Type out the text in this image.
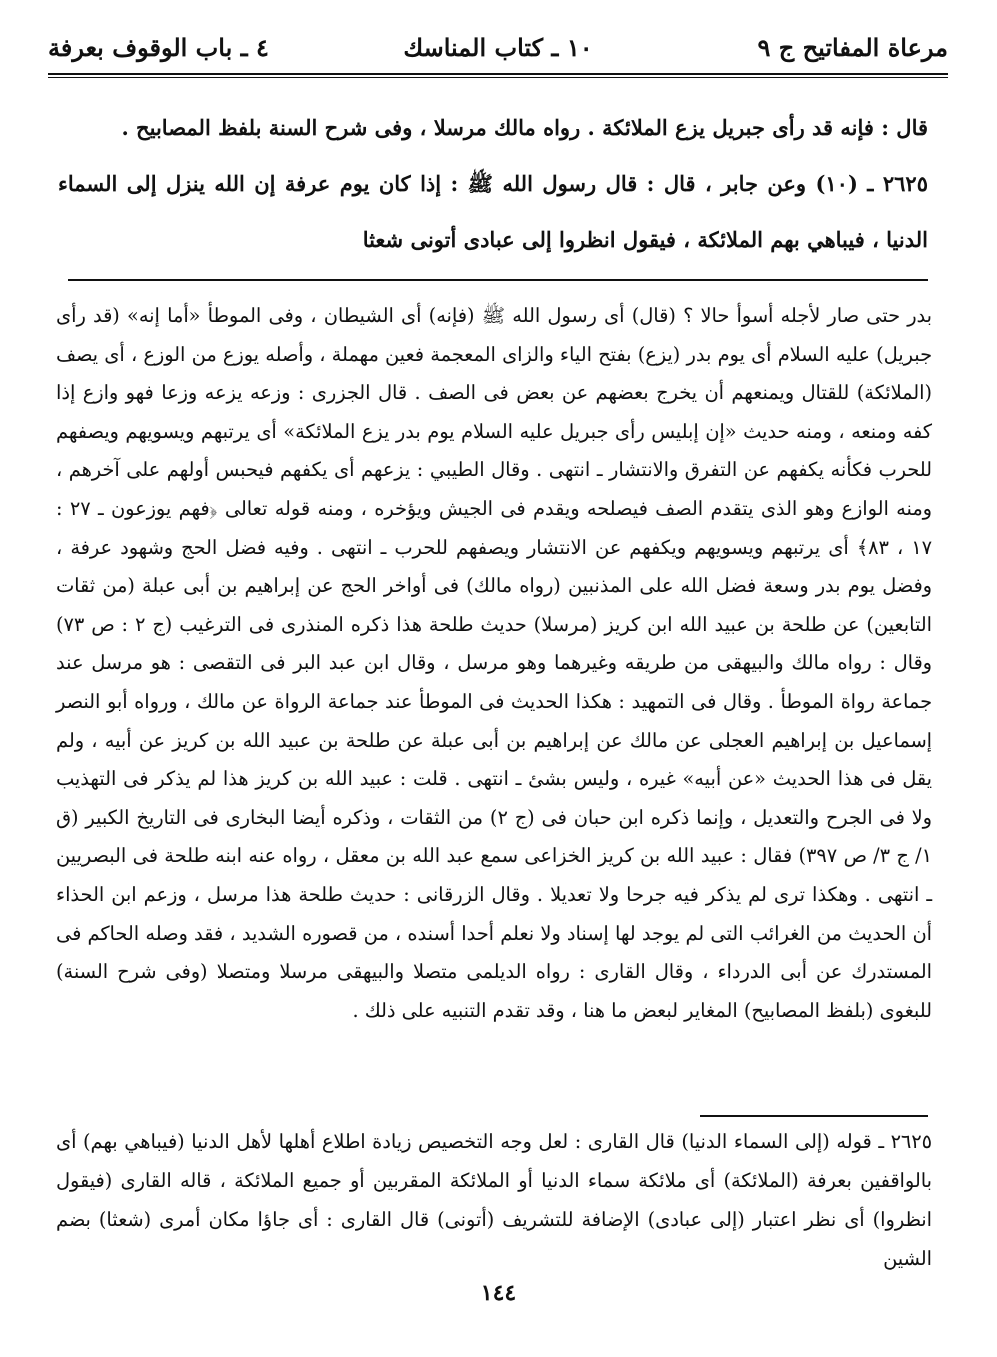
مرعاة المفاتيح ج ٩
١٠ ـ كتاب المناسك
٤ ـ باب الوقوف بعرفة

قال : فإنه قد رأى جبريل يزع الملائكة . رواه مالك مرسلا ، وفى شرح السنة بلفظ المصابيح .

٢٦٢٥ ـ (١٠) وعن جابر ، قال : قال رسول الله ﷺ : إذا كان يوم عرفة إن الله ينزل إلى السماء الدنيا ، فيباهي بهم الملائكة ، فيقول انظروا إلى عبادى أتونى شعثا

بدر حتى صار لأجله أسوأ حالا ؟ (قال) أى رسول الله ﷺ (فإنه) أى الشيطان ، وفى الموطأ «أما إنه» (قد رأى جبريل) عليه السلام أى يوم بدر (يزع) بفتح الياء والزاى المعجمة فعين مهملة ، وأصله يوزع من الوزع ، أى يصف (الملائكة) للقتال ويمنعهم أن يخرج بعضهم عن بعض فى الصف . قال الجزرى : وزعه يزعه وزعا فهو وازع إذا كفه ومنعه ، ومنه حديث «إن إبليس رأى جبريل عليه السلام يوم بدر يزع الملائكة» أى يرتبهم ويسويهم ويصفهم للحرب فكأنه يكفهم عن التفرق والانتشار ـ انتهى . وقال الطيبي : يزعهم أى يكفهم فيحبس أولهم على آخرهم ، ومنه الوازع وهو الذى يتقدم الصف فيصلحه ويقدم فى الجيش ويؤخره ، ومنه قوله تعالى ﴿فهم يوزعون ـ ٢٧ : ١٧ ، ٨٣﴾ أى يرتبهم ويسويهم ويكفهم عن الانتشار ويصفهم للحرب ـ انتهى . وفيه فضل الحج وشهود عرفة ، وفضل يوم بدر وسعة فضل الله على المذنبين (رواه مالك) فى أواخر الحج عن إبراهيم بن أبى عبلة (من ثقات التابعين) عن طلحة بن عبيد الله ابن كريز (مرسلا) حديث طلحة هذا ذكره المنذرى فى الترغيب (ج ٢ : ص ٧٣) وقال : رواه مالك والبيهقى من طريقه وغيرهما وهو مرسل ، وقال ابن عبد البر فى التقصى : هو مرسل عند جماعة رواة الموطأ . وقال فى التمهيد : هكذا الحديث فى الموطأ عند جماعة الرواة عن مالك ، ورواه أبو النصر إسماعيل بن إبراهيم العجلى عن مالك عن إبراهيم بن أبى عبلة عن طلحة بن عبيد الله بن كريز عن أبيه ، ولم يقل فى هذا الحديث «عن أبيه» غيره ، وليس بشئ ـ انتهى . قلت : عبيد الله بن كريز هذا لم يذكر فى التهذيب ولا فى الجرح والتعديل ، وإنما ذكره ابن حبان فى (ج ٢) من الثقات ، وذكره أيضا البخارى فى التاريخ الكبير (ق ١/ ج ٣/ ص ٣٩٧) فقال : عبيد الله بن كريز الخزاعى سمع عبد الله بن معقل ، رواه عنه ابنه طلحة فى البصريين ـ انتهى . وهكذا ترى لم يذكر فيه جرحا ولا تعديلا . وقال الزرقانى : حديث طلحة هذا مرسل ، وزعم ابن الحذاء أن الحديث من الغرائب التى لم يوجد لها إسناد ولا نعلم أحدا أسنده ، من قصوره الشديد ، فقد وصله الحاكم فى المستدرك عن أبى الدرداء ، وقال القارى : رواه الديلمى متصلا والبيهقى مرسلا ومتصلا (وفى شرح السنة) للبغوى (بلفظ المصابيح) المغاير لبعض ما هنا ، وقد تقدم التنبيه على ذلك .

٢٦٢٥ ـ قوله (إلى السماء الدنيا) قال القارى : لعل وجه التخصيص زيادة اطلاع أهلها لأهل الدنيا (فيباهي بهم) أى بالواقفين بعرفة (الملائكة) أى ملائكة سماء الدنيا أو الملائكة المقربين أو جميع الملائكة ، قاله القارى (فيقول انظروا) أى نظر اعتبار (إلى عبادى) الإضافة للتشريف (أتونى) قال القارى : أى جاؤا مكان أمرى (شعثا) بضم الشين

١٤٤
